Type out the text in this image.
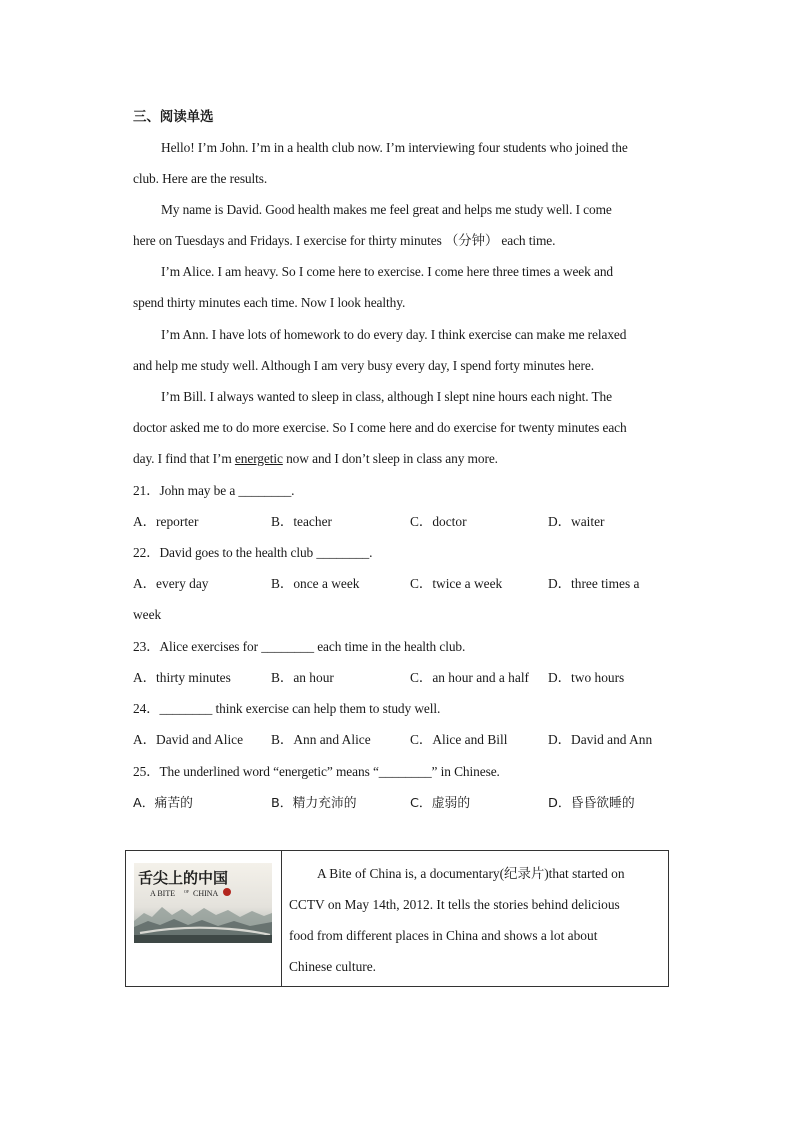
三、阅读单选
Hello! I’m John. I’m in a health club now. I’m interviewing four students who joined the
club. Here are the results.
My name is David. Good health makes me feel great and helps me study well. I come
here on Tuesdays and Fridays. I exercise for thirty minutes （分钟） each time.
I’m Alice. I am heavy. So I come here to exercise. I come here three times a week and
spend thirty minutes each time. Now I look healthy.
I’m Ann. I have lots of homework to do every day. I think exercise can make me relaxed
and help me study well. Although I am very busy every day, I spend forty minutes here.
I’m Bill. I always wanted to sleep in class, although I slept nine hours each night. The
doctor asked me to do more exercise. So I come here and do exercise for twenty minutes each
day. I find that I’m energetic now and I don’t sleep in class any more.
21．John may be a ________.
A．reporter	B．teacher	C．doctor	D．waiter
22．David goes to the health club ________.
A．every day	B．once a week	C．twice a week	D．three times a
week
23．Alice exercises for ________ each time in the health club.
A．thirty minutes	B．an hour	C．an hour and a half D．two hours
24．________ think exercise can help them to study well.
A．David and Alice B．Ann and Alice	C．Alice and Bill	D．David and Ann
25．The underlined word “energetic” means “________” in Chinese.
A．痛苦的	B．精力充沛的	C．虚弱的	D．昏昏欲睡的
舌尖上的中国
A BITE OF CHINA

A Bite of China is, a documentary(纪录片)that started on
CCTV on May 14th, 2012. It tells the stories behind delicious
food from different places in China and shows a lot about
Chinese culture.
